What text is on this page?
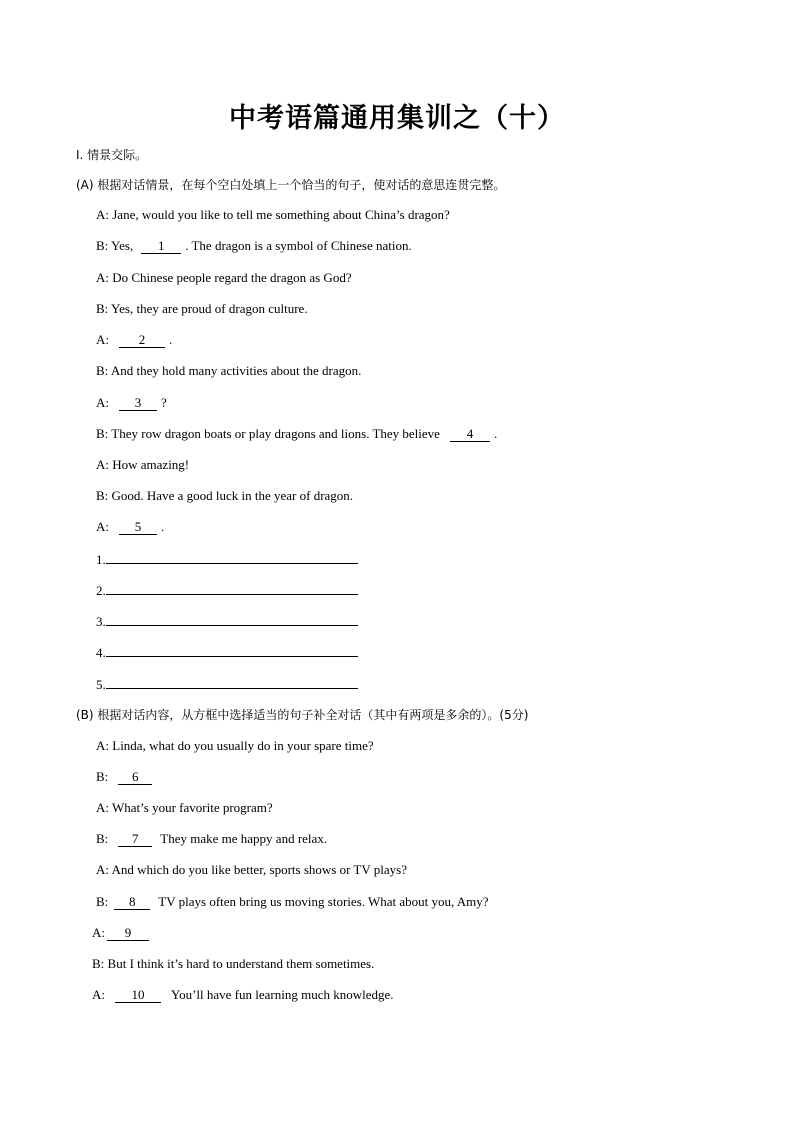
中考语篇通用集训之（十）
Ⅰ. 情景交际。
(A) 根据对话情景，在每个空白处填上一个恰当的句子，使对话的意思连贯完整。
A: Jane, would you like to tell me something about China’s dragon?
B: Yes, 1 . The dragon is a symbol of Chinese nation.
A: Do Chinese people regard the dragon as God?
B: Yes, they are proud of dragon culture.
A: 2 .
B: And they hold many activities about the dragon.
A: 3 ?
B: They row dragon boats or play dragons and lions. They believe 4 .
A: How amazing!
B: Good. Have a good luck in the year of dragon.
A: 5 .
1.
2.
3.
4.
5.
(B) 根据对话内容，从方框中选择适当的句子补全对话（其中有两项是多余的）。(5分)
A: Linda, what do you usually do in your spare time?
B: 6
A: What’s your favorite program?
B: 7 They make me happy and relax.
A: And which do you like better, sports shows or TV plays?
B: 8 TV plays often bring us moving stories. What about you, Amy?
A: 9
B: But I think it’s hard to understand them sometimes.
A: 10 You’ll have fun learning much knowledge.
